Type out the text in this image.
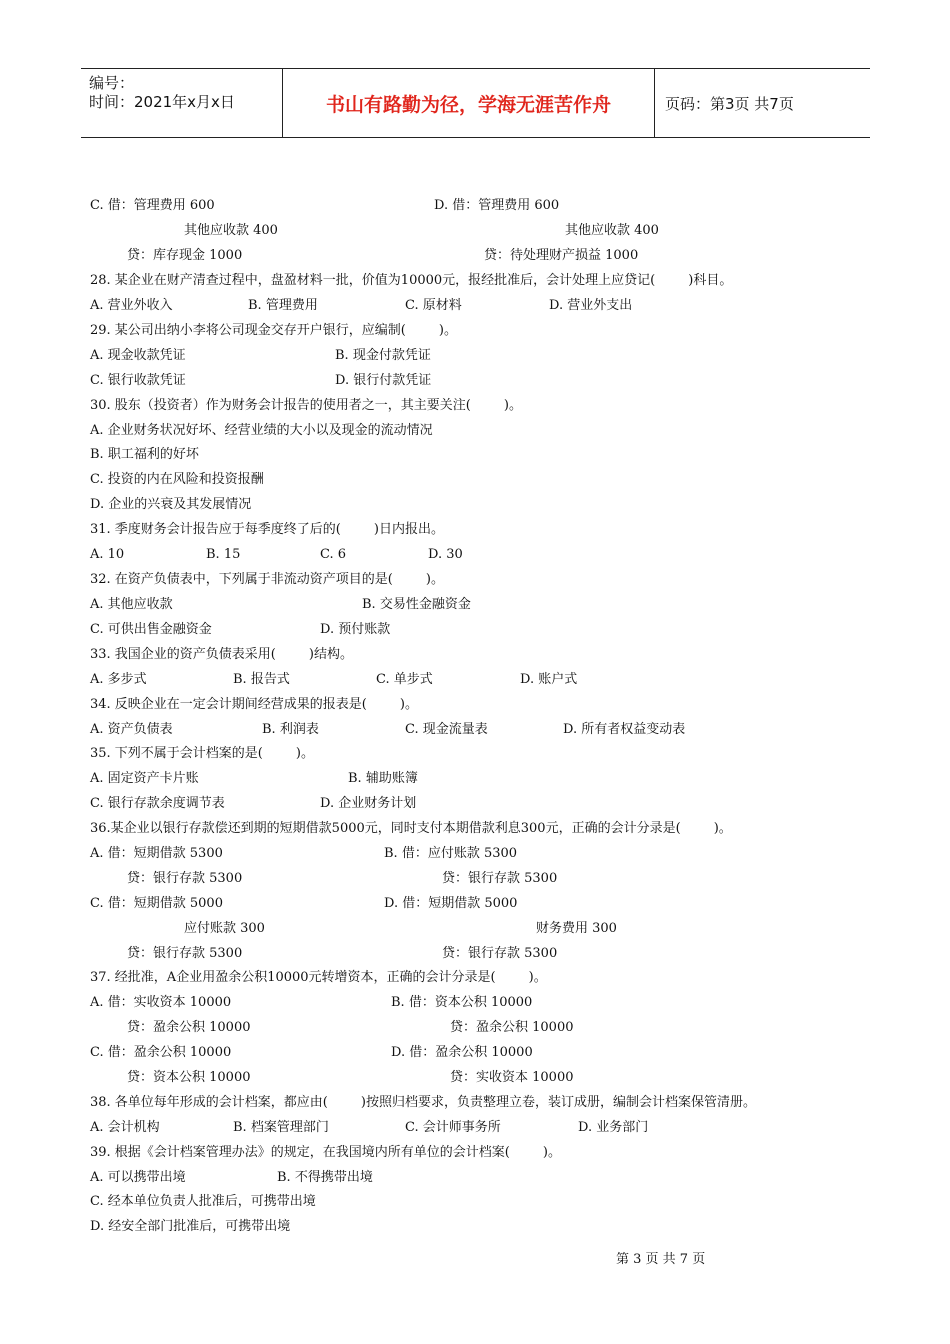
编号：
时间：2021年x月x日	书山有路勤为径，学海无涯苦作舟	页码：第3页 共7页
C. 借：管理费用 600	D. 借：管理费用 600
其他应收款 400	其他应收款 400
贷：库存现金 1000	贷：待处理财产损益 1000
28. 某企业在财产清查过程中，盘盈材料一批，价值为10000元，报经批准后，会计处理上应贷记(        )科目。
A. 营业外收入	B. 管理费用	C. 原材料	D. 营业外支出
29. 某公司出纳小李将公司现金交存开户银行，应编制(        )。
A. 现金收款凭证	B. 现金付款凭证
C. 银行收款凭证	D. 银行付款凭证
30. 股东（投资者）作为财务会计报告的使用者之一，其主要关注(        )。
A. 企业财务状况好坏、经营业绩的大小以及现金的流动情况
B. 职工福利的好坏
C. 投资的内在风险和投资报酬
D. 企业的兴衰及其发展情况
31. 季度财务会计报告应于每季度终了后的(        )日内报出。
A. 10	B. 15	C. 6	D. 30
32. 在资产负债表中，下列属于非流动资产项目的是(        )。
A. 其他应收款	B. 交易性金融资金
C. 可供出售金融资金	D. 预付账款
33. 我国企业的资产负债表采用(        )结构。
A. 多步式	B. 报告式	C. 单步式	D. 账户式
34. 反映企业在一定会计期间经营成果的报表是(        )。
A. 资产负债表	B. 利润表	C. 现金流量表	D. 所有者权益变动表
35. 下列不属于会计档案的是(        )。
A. 固定资产卡片账	B. 辅助账簿
C. 银行存款余度调节表	D. 企业财务计划
36.某企业以银行存款偿还到期的短期借款5000元，同时支付本期借款利息300元，正确的会计分录是(        )。
A. 借：短期借款 5300	B. 借：应付账款 5300
贷：银行存款 5300	贷：银行存款 5300
C. 借：短期借款 5000	D. 借：短期借款 5000
应付账款 300	财务费用 300
贷：银行存款 5300	贷：银行存款 5300
37. 经批准，A企业用盈余公积10000元转增资本，正确的会计分录是(        )。
A. 借：实收资本 10000	B. 借：资本公积 10000
贷：盈余公积 10000	贷：盈余公积 10000
C. 借：盈余公积 10000	D. 借：盈余公积 10000
贷：资本公积 10000	贷：实收资本 10000
38. 各单位每年形成的会计档案，都应由(        )按照归档要求，负责整理立卷，装订成册，编制会计档案保管清册。
A. 会计机构	B. 档案管理部门	C. 会计师事务所	D. 业务部门
39. 根据《会计档案管理办法》的规定，在我国境内所有单位的会计档案(        )。
A. 可以携带出境	B. 不得携带出境
C. 经本单位负责人批准后，可携带出境
D. 经安全部门批准后，可携带出境
第 3 页 共 7 页
